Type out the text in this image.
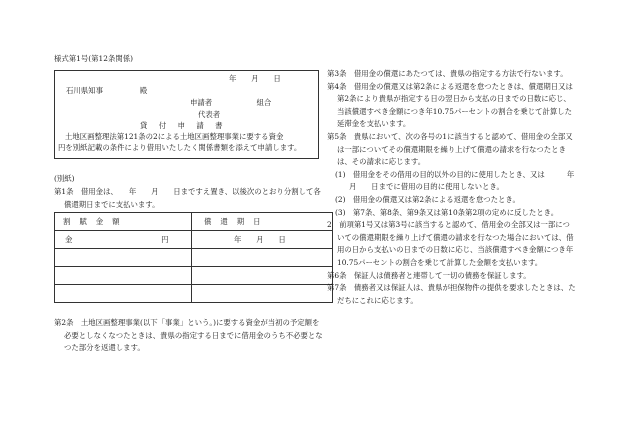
様式第1号(第12条関係)
年　　月　　日
石川県知事　　　　　殿
申請者　　　　　　組合
代表者
貸　付　申　請　書
土地区画整理法第121条の2による土地区画整理事業に要する資金　　　円を別紙記載の条件により借用いたしたく関係書類を添えて申請します。
(別紙)
第1条　借用金は、　　年　　月　　日まですえ置き、以後次のとおり分割して各償還期日までに支払います。
割賦金額	償還期日
金　　　　　　　　　　　　円	年　　月　　日

第2条　土地区画整理事業(以下「事業」という。)に要する資金が当初の予定額を必要としなくなつたときは、貴県の指定する日までに借用金のうち不必要となつた部分を返還します。

第3条　借用金の償還にあたつては、貴県の指定する方法で行ないます。

第4条　借用金の償還又は第2条による返還を怠つたときは、償還期日又は第2条により貴県が指定する日の翌日から支払の日までの日数に応じ、当該償還すべき金額につき年10.75パーセントの割合を乗じて計算した延滞金を支払います。

第5条　貴県において、次の各号の1に該当すると認めて、借用金の全部又は一部についてその償還期限を繰り上げて償還の請求を行なつたときは、その請求に応じます。

(1)　借用金をその借用の目的以外の目的に使用したとき、又は　　　年　　月　　日までに借用の目的に使用しないとき。

(2)　借用金の償還又は第2条による返還を怠つたとき。

(3)　第7条、第8条、第9条又は第10条第2項の定めに反したとき。

2　前項第1号又は第3号に該当すると認めて、借用金の全部又は一部についての償還期限を繰り上げて償還の請求を行なつた場合においては、借用の日から支払いの日までの日数に応じ、当該償還すべき金額につき年10.75パーセントの割合を乗じて計算した金額を支払います。

第6条　保証人は債務者と連帯して一切の債務を保証します。

第7条　債務者又は保証人は、貴県が担保物件の提供を要求したときは、ただちにこれに応じます。
